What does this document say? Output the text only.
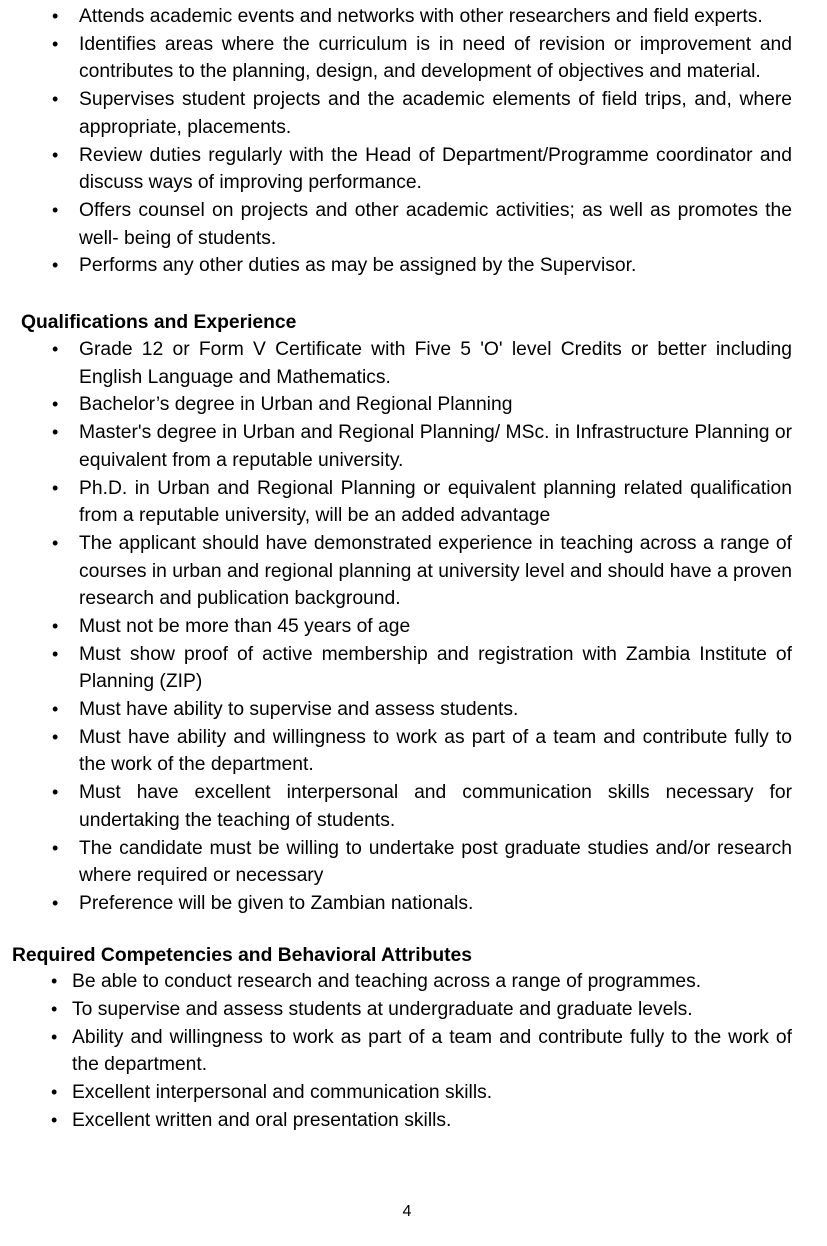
• Attends academic events and networks with other researchers and field experts.
• Identifies areas where the curriculum is in need of revision or improvement and contributes to the planning, design, and development of objectives and material.
• Supervises student projects and the academic elements of field trips, and, where appropriate, placements.
• Review duties regularly with the Head of Department/Programme coordinator and discuss ways of improving performance.
• Offers counsel on projects and other academic activities; as well as promotes the well- being of students.
• Performs any other duties as may be assigned by the Supervisor.
Qualifications and Experience
• Grade 12 or Form V Certificate with Five 5 'O' level Credits or better including English Language and Mathematics.
• Bachelor’s degree in Urban and Regional Planning
• Master's degree in Urban and Regional Planning/ MSc. in Infrastructure Planning or equivalent from a reputable university.
• Ph.D. in Urban and Regional Planning or equivalent planning related qualification from a reputable university, will be an added advantage
• The applicant should have demonstrated experience in teaching across a range of courses in urban and regional planning at university level and should have a proven research and publication background.
• Must not be more than 45 years of age
• Must show proof of active membership and registration with Zambia Institute of Planning (ZIP)
• Must have ability to supervise and assess students.
• Must have ability and willingness to work as part of a team and contribute fully to the work of the department.
• Must have excellent interpersonal and communication skills necessary for undertaking the teaching of students.
• The candidate must be willing to undertake post graduate studies and/or research where required or necessary
• Preference will be given to Zambian nationals.
Required Competencies and Behavioral Attributes
• Be able to conduct research and teaching across a range of programmes.
• To supervise and assess students at undergraduate and graduate levels.
• Ability and willingness to work as part of a team and contribute fully to the work of the department.
• Excellent interpersonal and communication skills.
• Excellent written and oral presentation skills.
4
